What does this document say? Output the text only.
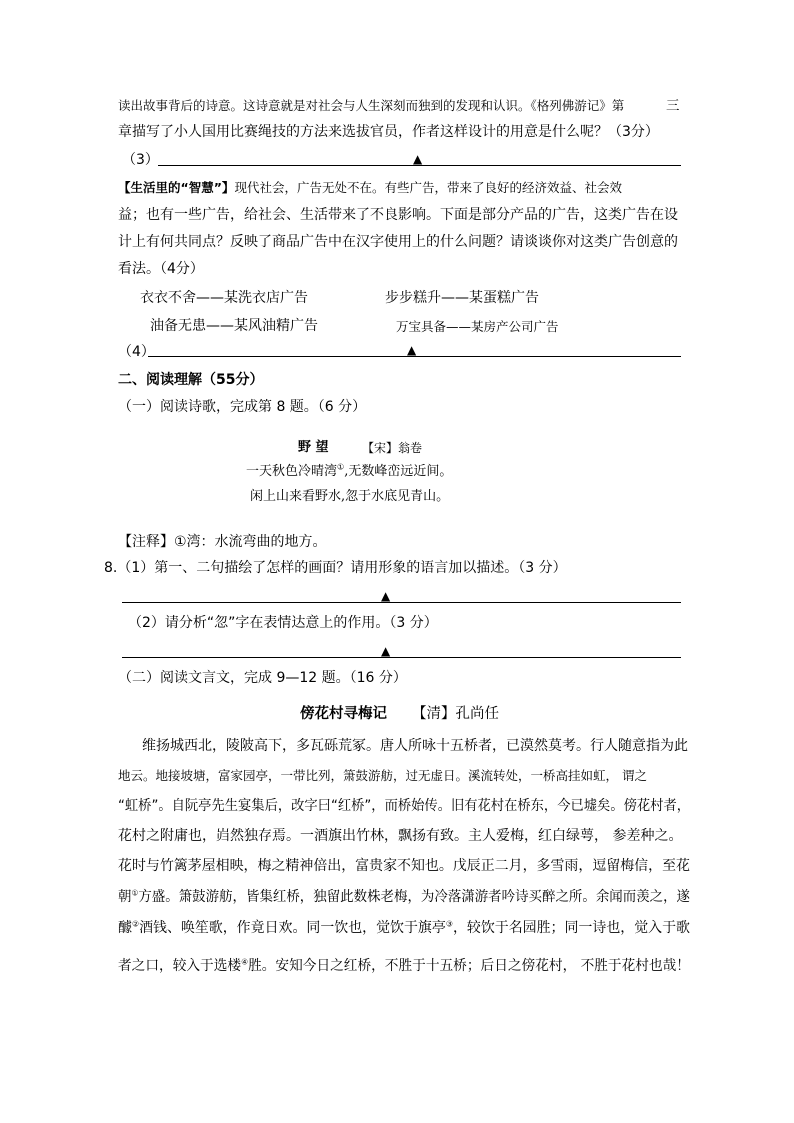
读出故事背后的诗意。这诗意就是对社会与人生深刻而独到的发现和认识。《格列佛游记》第	三
章描写了小人国用比赛绳技的方法来选拔官员，作者这样设计的用意是什么呢？（3分）
（3）	▲
【生活里的“智慧”】现代社会，广告无处不在。有些广告，带来了良好的经济效益、社会效
益；也有一些广告，给社会、生活带来了不良影响。下面是部分产品的广告，这类广告在设
计上有何共同点？反映了商品广告中在汉字使用上的什么问题？请谈谈你对这类广告创意的
看法。（4分）
衣衣不舍——某洗衣店广告	步步糕升——某蛋糕广告
油备无患——某风油精广告	万宝具备——某房产公司广告
（4）	▲
二、阅读理解（55分）
（一）阅读诗歌，完成第 8 题。（6 分）
野 望	【宋】翁卷
一天秋色冷晴湾①,无数峰峦远近间。
闲上山来看野水,忽于水底见青山。
【注释】①湾：水流弯曲的地方。
8.（1）第一、二句描绘了怎样的画面？请用形象的语言加以描述。（3 分）
▲
（2）请分析“忽”字在表情达意上的作用。（3 分）
▲
（二）阅读文言文，完成 9—12 题。（16 分）
傍花村寻梅记 【清】孔尚任
维扬城西北，陵陂高下，多瓦砾荒冢。唐人所咏十五桥者，已漠然莫考。行人随意指为此
地云。地接坡塘，富家园亭，一带比列，箫鼓游舫，过无虚日。溪流转处，一桥高挂如虹， 谓之
“虹桥”。自阮亭先生宴集后，改字曰“红桥”，而桥始传。旧有花村在桥东，今已墟矣。傍花村者，
花村之附庸也，岿然独存焉。一酒旗出竹林，飘扬有致。主人爱梅，红白绿萼， 参差种之。
花时与竹篱茅屋相映，梅之精神倍出，富贵家不知也。戊辰正二月，多雪雨，逗留梅信，至花
朝①方盛。箫鼓游舫，皆集红桥，独留此数株老梅，为冷落潇游者吟诗买醉之所。余闻而羡之，遂
醵②酒钱、唤笙歌，作竟日欢。同一饮也，觉饮于旗亭③，较饮于名园胜；同一诗也，觉入于歌
者之口，较入于选楼④胜。安知今日之红桥，不胜于十五桥；后日之傍花村， 不胜于花村也哉！
